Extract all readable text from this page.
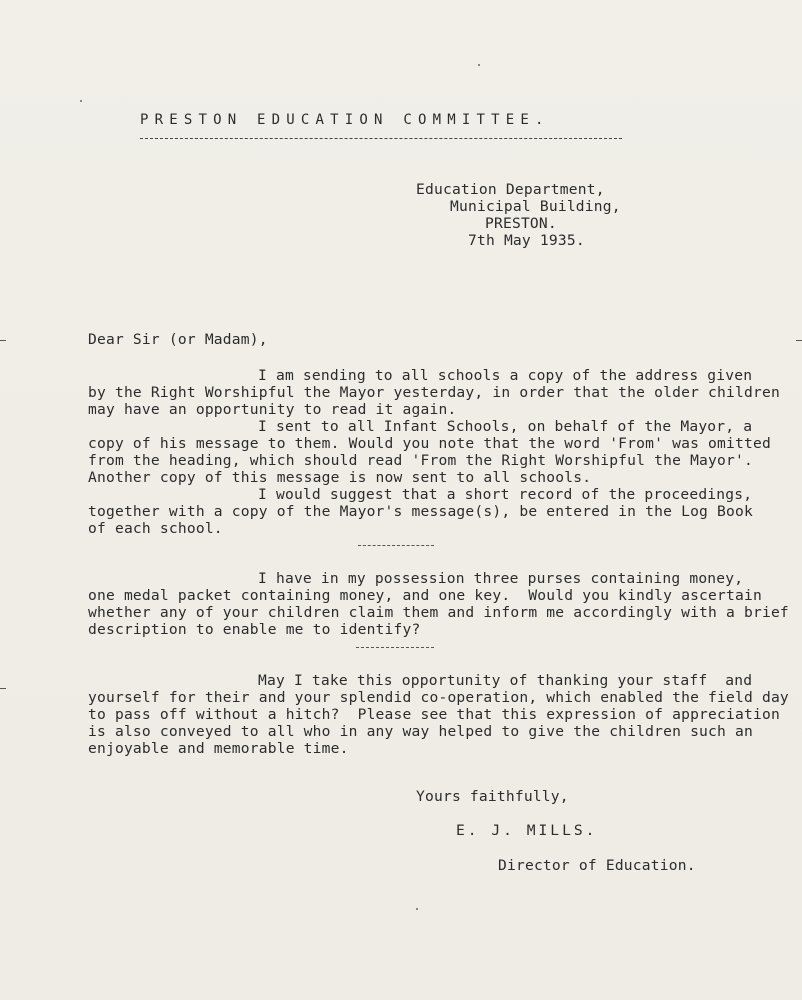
PRESTON EDUCATION COMMITTEE.
Education Department,
Municipal Building,
PRESTON.
7th May 1935.
Dear Sir (or Madam),
I am sending to all schools a copy of the address given
by the Right Worshipful the Mayor yesterday, in order that the older children
may have an opportunity to read it again.
I sent to all Infant Schools, on behalf of the Mayor, a
copy of his message to them. Would you note that the word 'From' was omitted
from the heading, which should read 'From the Right Worshipful the Mayor'.
Another copy of this message is now sent to all schools.
I would suggest that a short record of the proceedings,
together with a copy of the Mayor's message(s), be entered in the Log Book
of each school.
I have in my possession three purses containing money,
one medal packet containing money, and one key.  Would you kindly ascertain
whether any of your children claim them and inform me accordingly with a brief
description to enable me to identify?
May I take this opportunity of thanking your staff  and
yourself for their and your splendid co-operation, which enabled the field day
to pass off without a hitch?  Please see that this expression of appreciation
is also conveyed to all who in any way helped to give the children such an
enjoyable and memorable time.
Yours faithfully,
E. J. MILLS.
Director of Education.
